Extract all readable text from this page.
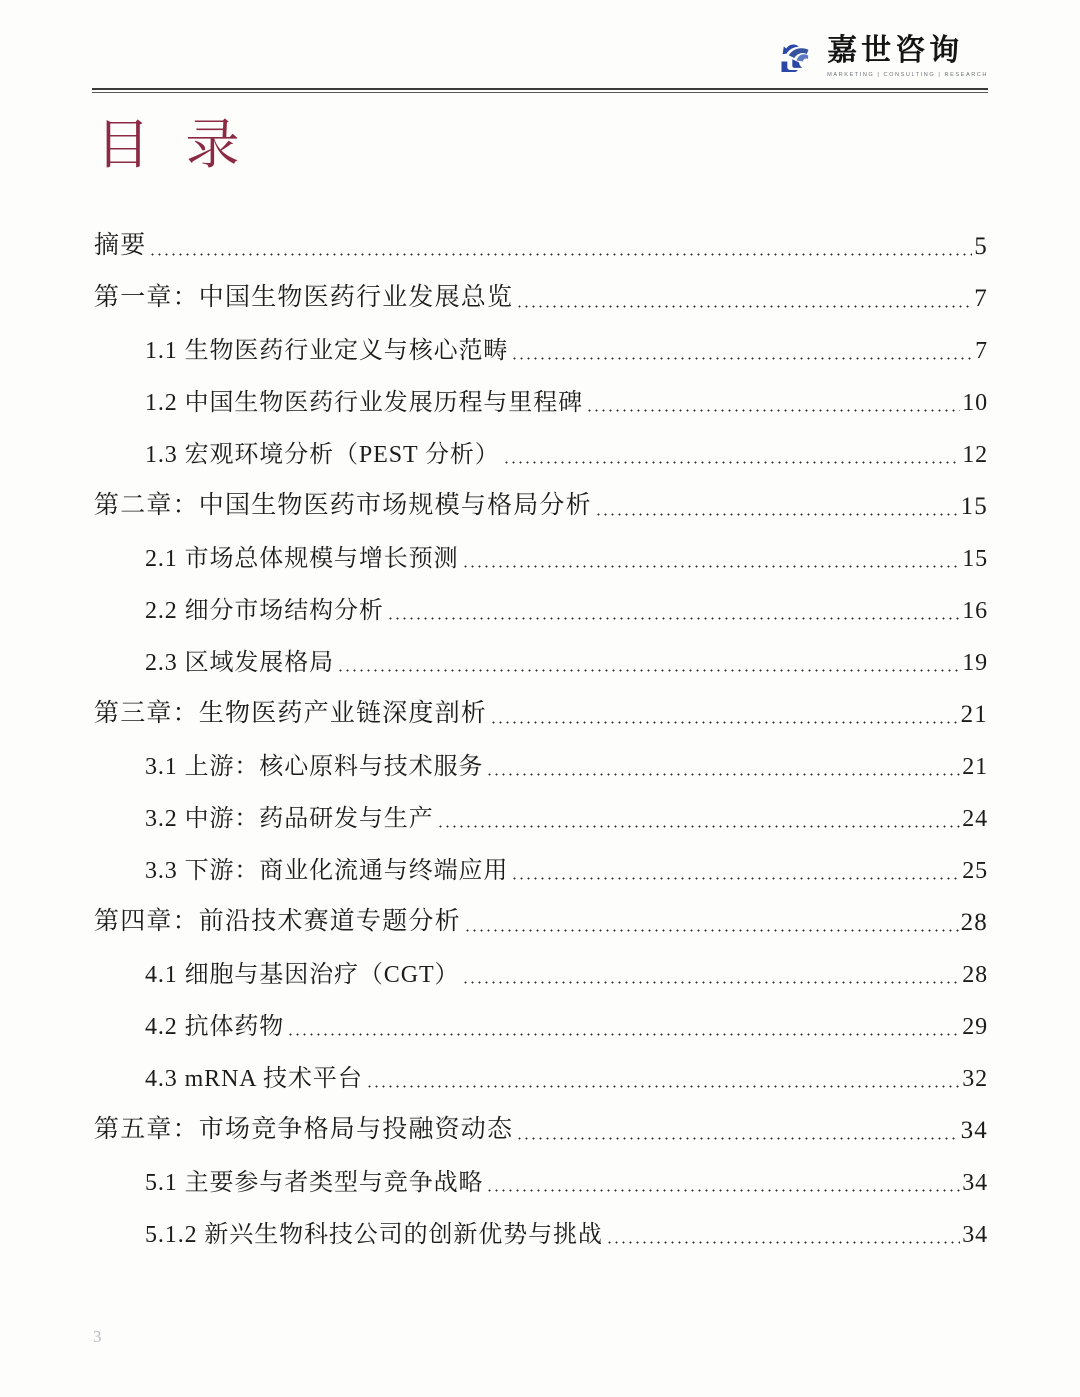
嘉世咨询
MARKETING | CONSULTING | RESEARCH
目 录
摘要	5
第一章：中国生物医药行业发展总览	7
1.1 生物医药行业定义与核心范畴	7
1.2 中国生物医药行业发展历程与里程碑	10
1.3 宏观环境分析（PEST 分析）	12
第二章：中国生物医药市场规模与格局分析	15
2.1 市场总体规模与增长预测	15
2.2 细分市场结构分析	16
2.3 区域发展格局	19
第三章：生物医药产业链深度剖析	21
3.1 上游：核心原料与技术服务	21
3.2 中游：药品研发与生产	24
3.3 下游：商业化流通与终端应用	25
第四章：前沿技术赛道专题分析	28
4.1 细胞与基因治疗（CGT）	28
4.2 抗体药物	29
4.3 mRNA 技术平台	32
第五章：市场竞争格局与投融资动态	34
5.1 主要参与者类型与竞争战略	34
5.1.2 新兴生物科技公司的创新优势与挑战	34
3
